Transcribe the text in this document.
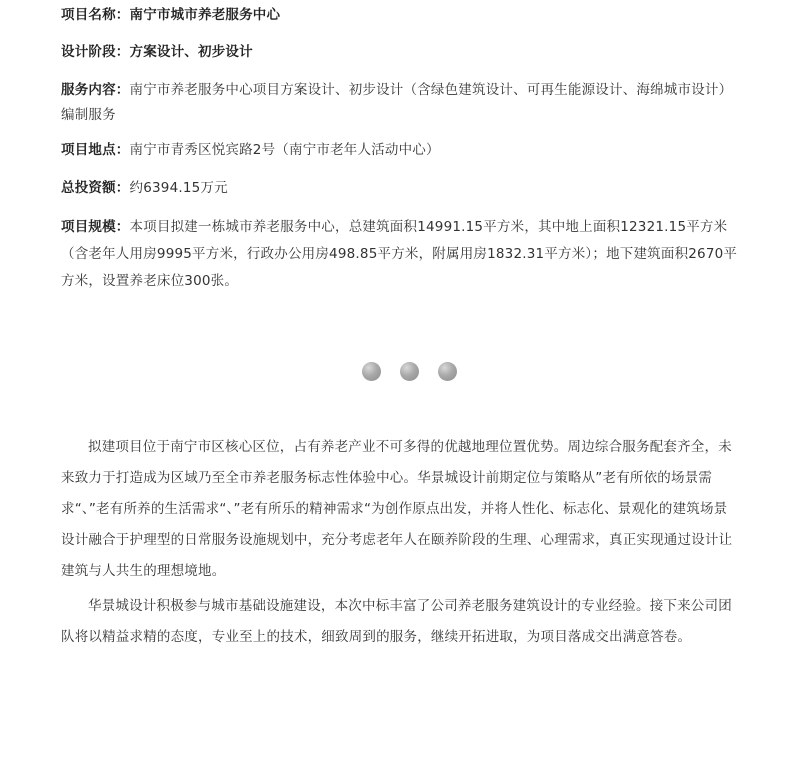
项目名称：南宁市城市养老服务中心

设计阶段：方案设计、初步设计

服务内容：南宁市养老服务中心项目方案设计、初步设计（含绿色建筑设计、可再生能源设计、海绵城市设计）编制服务

项目地点：南宁市青秀区悦宾路2号（南宁市老年人活动中心）

总投资额：约6394.15万元

项目规模：本项目拟建一栋城市养老服务中心，总建筑面积14991.15平方米，其中地上面积12321.15平方米（含老年人用房9995平方米，行政办公用房498.85平方米，附属用房1832.31平方米）；地下建筑面积2670平方米，设置养老床位300张。

拟建项目位于南宁市区核心区位，占有养老产业不可多得的优越地理位置优势。周边综合服务配套齐全，未来致力于打造成为区域乃至全市养老服务标志性体验中心。华景城设计前期定位与策略从”老有所依的场景需求“、”老有所养的生活需求“、”老有所乐的精神需求“为创作原点出发，并将人性化、标志化、景观化的建筑场景设计融合于护理型的日常服务设施规划中，充分考虑老年人在颐养阶段的生理、心理需求，真正实现通过设计让建筑与人共生的理想境地。

华景城设计积极参与城市基础设施建设，本次中标丰富了公司养老服务建筑设计的专业经验。接下来公司团队将以精益求精的态度，专业至上的技术，细致周到的服务，继续开拓进取，为项目落成交出满意答卷。
